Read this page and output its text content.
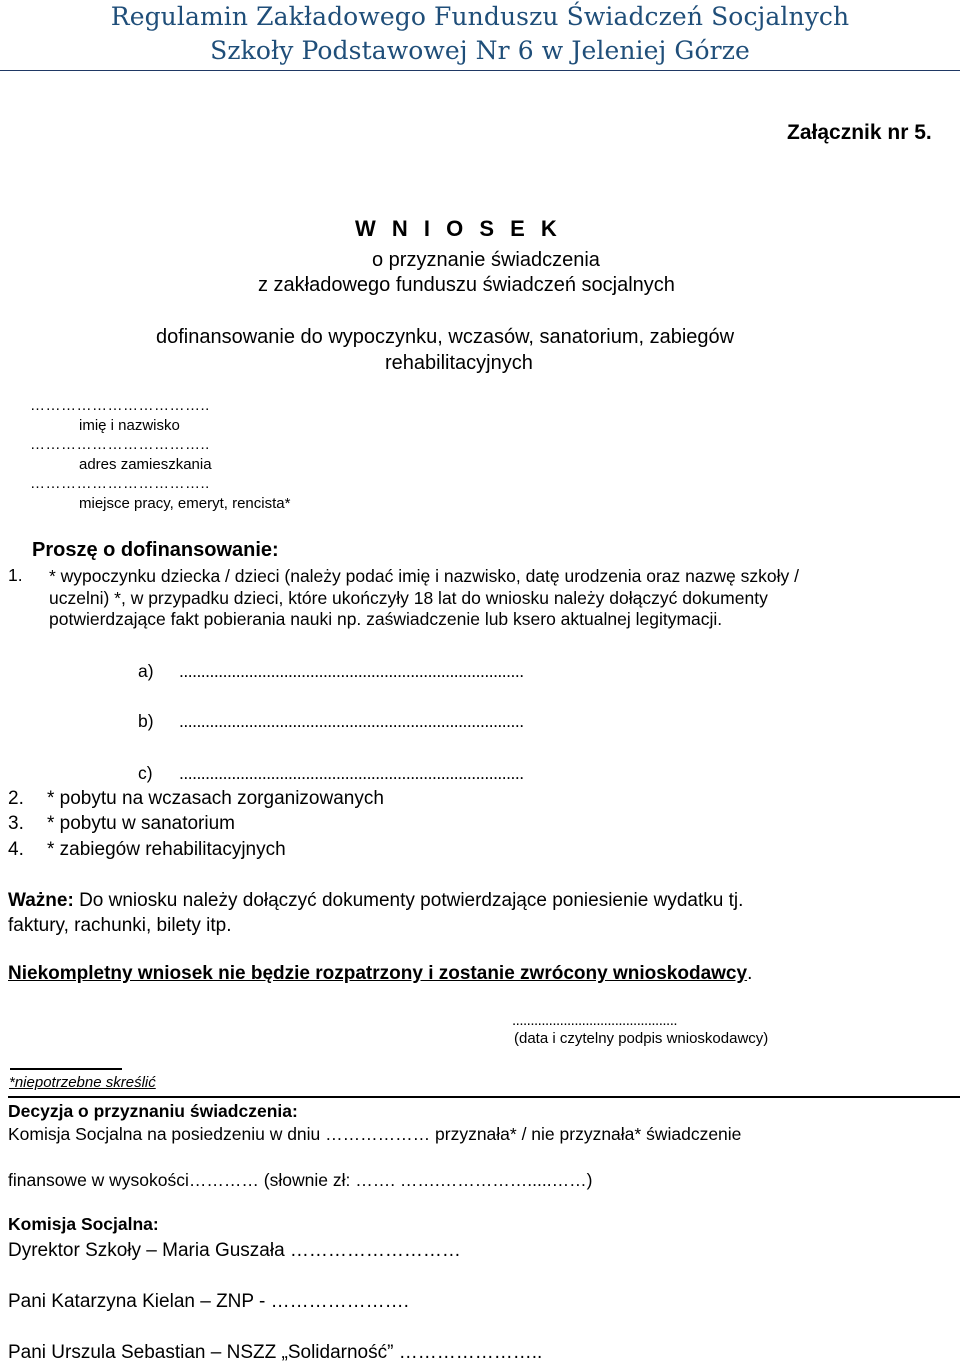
Regulamin Zakładowego Funduszu Świadczeń Socjalnych
Szkoły Podstawowej Nr 6 w Jeleniej Górze
Załącznik nr 5.
W N I O S E K
o przyznanie świadczenia
z zakładowego funduszu świadczeń socjalnych
dofinansowanie do wypoczynku, wczasów, sanatorium, zabiegów
rehabilitacyjnych
……………………………..
imię i nazwisko
……………………………..
adres zamieszkania
……………………………..
miejsce pracy, emeryt, rencista*
Proszę o dofinansowanie:
1. * wypoczynku dziecka / dzieci (należy podać imię i nazwisko, datę urodzenia oraz nazwę szkoły /
uczelni) *, w przypadku dzieci, które ukończyły 18 lat do wniosku należy dołączyć dokumenty
potwierdzające fakt pobierania nauki np. zaświadczenie lub ksero aktualnej legitymacji.
a) ...............................................................................
b) ...............................................................................
c) ...............................................................................
2. * pobytu na wczasach zorganizowanych
3. * pobytu w sanatorium
4. * zabiegów rehabilitacyjnych
Ważne: Do wniosku należy dołączyć dokumenty potwierdzające poniesienie wydatku tj.
faktury, rachunki, bilety itp.
Niekompletny wniosek nie będzie rozpatrzony i zostanie zwrócony wnioskodawcy.
.............................................
(data i czytelny podpis wnioskodawcy)
*niepotrzebne skreślić
Decyzja o przyznaniu świadczenia:
Komisja Socjalna na posiedzeniu w dniu ……………… przyznała* / nie przyznała* świadczenie
finansowe w wysokości………… (słownie zł: ……. …….…………….....……)
Komisja Socjalna:
Dyrektor Szkoły – Maria Guszała ………………………
Pani Katarzyna Kielan – ZNP - ………………….
Pani Urszula Sebastian – NSZZ „Solidarność” …………………..
